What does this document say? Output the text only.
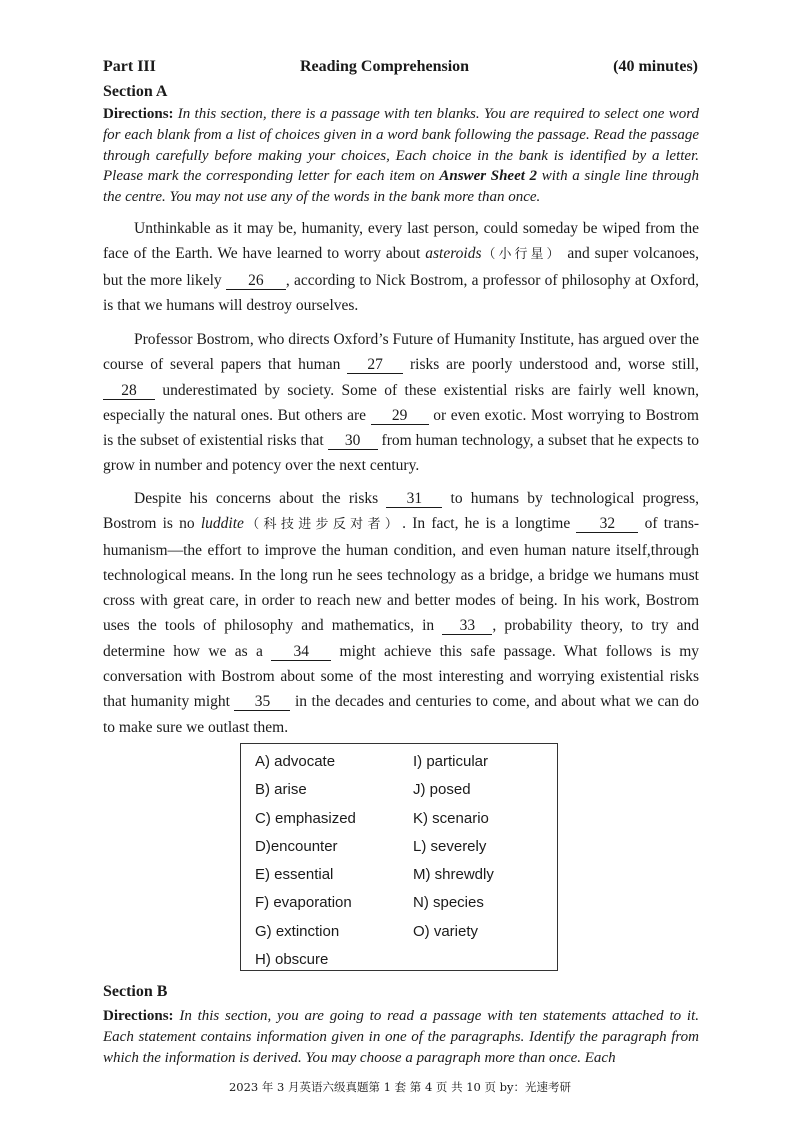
Part III	Reading Comprehension	(40 minutes)
Section A
Directions: In this section, there is a passage with ten blanks. You are required to select one word for each blank from a list of choices given in a word bank following the passage. Read the passage through carefully before making your choices, Each choice in the bank is identified by a letter. Please mark the corresponding letter for each item on Answer Sheet 2 with a single line through the centre. You may not use any of the words in the bank more than once.

Unthinkable as it may be, humanity, every last person, could someday be wiped from the face of the Earth. We have learned to worry about asteroids（小行星） and super volcanoes, but the more likely 26 , according to Nick Bostrom, a professor of philosophy at Oxford, is that we humans will destroy ourselves.

Professor Bostrom, who directs Oxford’s Future of Humanity Institute, has argued over the course of several papers that human 27 risks are poorly understood and, worse still, 28 underestimated by society. Some of these existential risks are fairly well known, especially the natural ones. But others are 29 or even exotic. Most worrying to Bostrom is the subset of existential risks that 30 from human technology, a subset that he expects to grow in number and potency over the next century.

Despite his concerns about the risks 31 to humans by technological progress, Bostrom is no luddite（科技进步反对者）. In fact, he is a longtime 32 of trans-humanism—the effort to improve the human condition, and even human nature itself,through technological means. In the long run he sees technology as a bridge, a bridge we humans must cross with great care, in order to reach new and better modes of being. In his work, Bostrom uses the tools of philosophy and mathematics, in 33 , probability theory, to try and determine how we as a 34 might achieve this safe passage. What follows is my conversation with Bostrom about some of the most interesting and worrying existential risks that humanity might 35 in the decades and centuries to come, and about what we can do to make sure we outlast them.

A) advocate
B) arise
C) emphasized
D)encounter
E) essential
F) evaporation
G) extinction
H) obscure
I) particular
J) posed
K) scenario
L) severely
M) shrewdly
N) species
O) variety
Section B
Directions: In this section, you are going to read a passage with ten statements attached to it. Each statement contains information given in one of the paragraphs. Identify the paragraph from which the information is derived. You may choose a paragraph more than once. Each
2023 年 3 月英语六级真题第 1 套 第 4 页 共 10 页 by：光速考研
